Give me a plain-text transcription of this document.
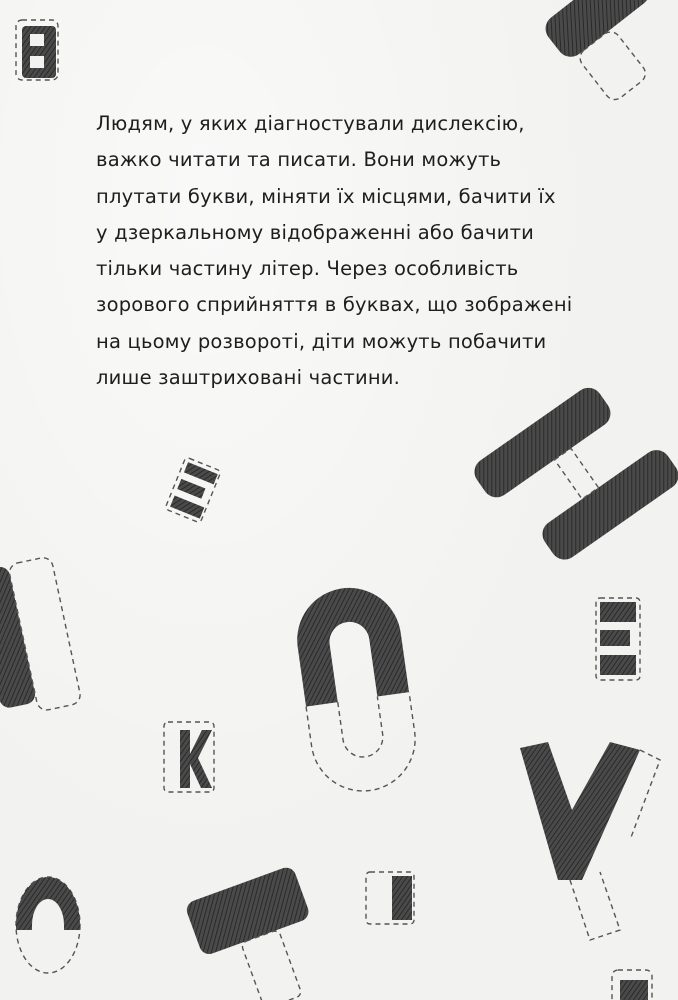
Людям, у яких діагностували дислексію,
важко читати та писати. Вони можуть
плутати букви, міняти їх місцями, бачити їх
у дзеркальному відображенні або бачити
тільки частину літер. Через особливість
зорового сприйняття в буквах, що зображені
на цьому розвороті, діти можуть побачити
лише заштриховані частини.
